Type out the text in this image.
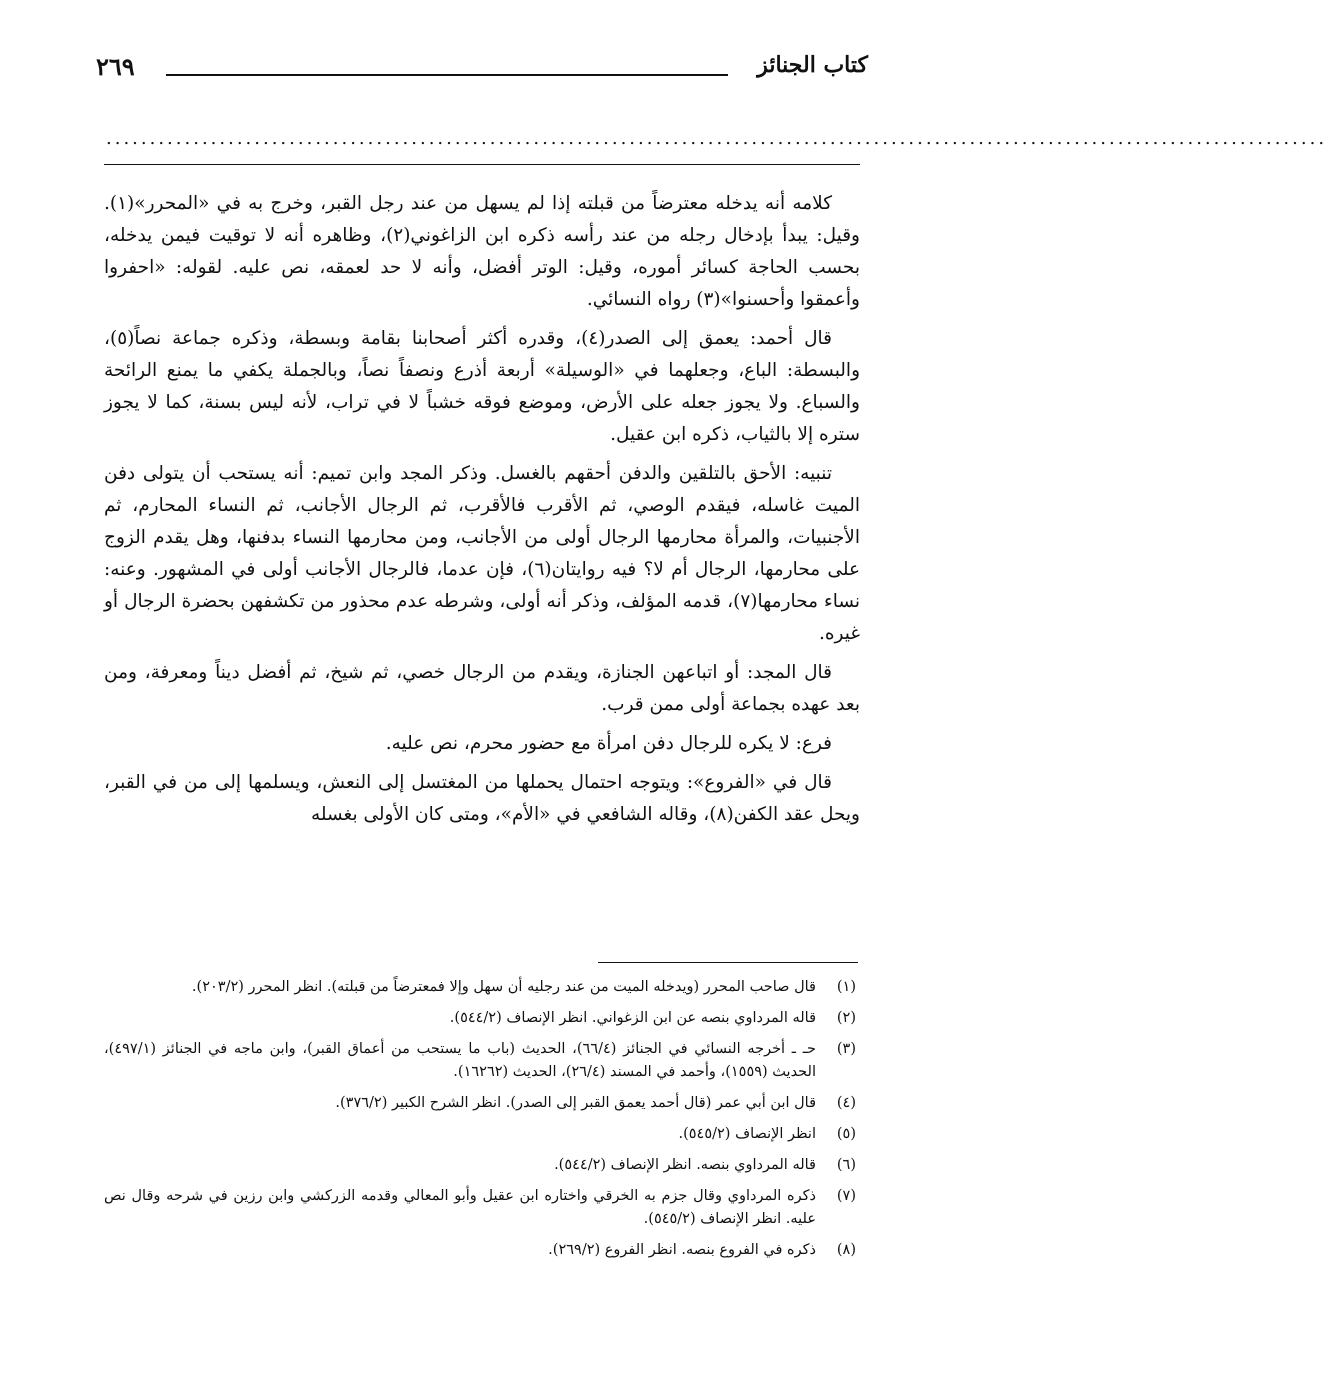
كتاب الجنائز
٢٦٩
............................................................................................................................................

كلامه أنه يدخله معترضاً من قبلته إذا لم يسهل من عند رجل القبر، وخرج به في «المحرر»(١). وقيل: يبدأ بإدخال رجله من عند رأسه ذكره ابن الزاغوني(٢)، وظاهره أنه لا توقيت فيمن يدخله، بحسب الحاجة كسائر أموره، وقيل: الوتر أفضل، وأنه لا حد لعمقه، نص عليه. لقوله: «احفروا وأعمقوا وأحسنوا»(٣) رواه النسائي.

قال أحمد: يعمق إلى الصدر(٤)، وقدره أكثر أصحابنا بقامة وبسطة، وذكره جماعة نصاً(٥)، والبسطة: الباع، وجعلهما في «الوسيلة» أربعة أذرع ونصفاً نصاً، وبالجملة يكفي ما يمنع الرائحة والسباع. ولا يجوز جعله على الأرض، وموضع فوقه خشباً لا في تراب، لأنه ليس بسنة، كما لا يجوز ستره إلا بالثياب، ذكره ابن عقيل.

تنبيه: الأحق بالتلقين والدفن أحقهم بالغسل. وذكر المجد وابن تميم: أنه يستحب أن يتولى دفن الميت غاسله، فيقدم الوصي، ثم الأقرب فالأقرب، ثم الرجال الأجانب، ثم النساء المحارم، ثم الأجنبيات، والمرأة محارمها الرجال أولى من الأجانب، ومن محارمها النساء بدفنها، وهل يقدم الزوج على محارمها، الرجال أم لا؟ فيه روايتان(٦)، فإن عدما، فالرجال الأجانب أولى في المشهور. وعنه: نساء محارمها(٧)، قدمه المؤلف، وذكر أنه أولى، وشرطه عدم محذور من تكشفهن بحضرة الرجال أو غيره.

قال المجد: أو اتباعهن الجنازة، ويقدم من الرجال خصي، ثم شيخ، ثم أفضل ديناً ومعرفة، ومن بعد عهده بجماعة أولى ممن قرب.

فرع: لا يكره للرجال دفن امرأة مع حضور محرم، نص عليه.

قال في «الفروع»: ويتوجه احتمال يحملها من المغتسل إلى النعش، ويسلمها إلى من في القبر، ويحل عقد الكفن(٨)، وقاله الشافعي في «الأم»، ومتى كان الأولى بغسله

(١)
قال صاحب المحرر (ويدخله الميت من عند رجليه أن سهل وإلا فمعترضاً من قبلته). انظر المحرر (٢٠٣/٢).
(٢)
قاله المرداوي بنصه عن ابن الزغواني. انظر الإنصاف (٥٤٤/٢).
(٣)
حـ ـ أخرجه النسائي في الجنائز (٦٦/٤)، الحديث (باب ما يستحب من أعماق القبر)، وابن ماجه في الجنائز (٤٩٧/١)، الحديث (١٥٥٩)، وأحمد في المسند (٢٦/٤)، الحديث (١٦٢٦٢).
(٤)
قال ابن أبي عمر (قال أحمد يعمق القبر إلى الصدر). انظر الشرح الكبير (٣٧٦/٢).
(٥)
انظر الإنصاف (٥٤٥/٢).
(٦)
قاله المرداوي بنصه. انظر الإنصاف (٥٤٤/٢).
(٧)
ذكره المرداوي وقال جزم به الخرقي واختاره ابن عقيل وأبو المعالي وقدمه الزركشي وابن رزين في شرحه وقال نص عليه. انظر الإنصاف (٥٤٥/٢).
(٨)
ذكره في الفروع بنصه. انظر الفروع (٢٦٩/٢).
